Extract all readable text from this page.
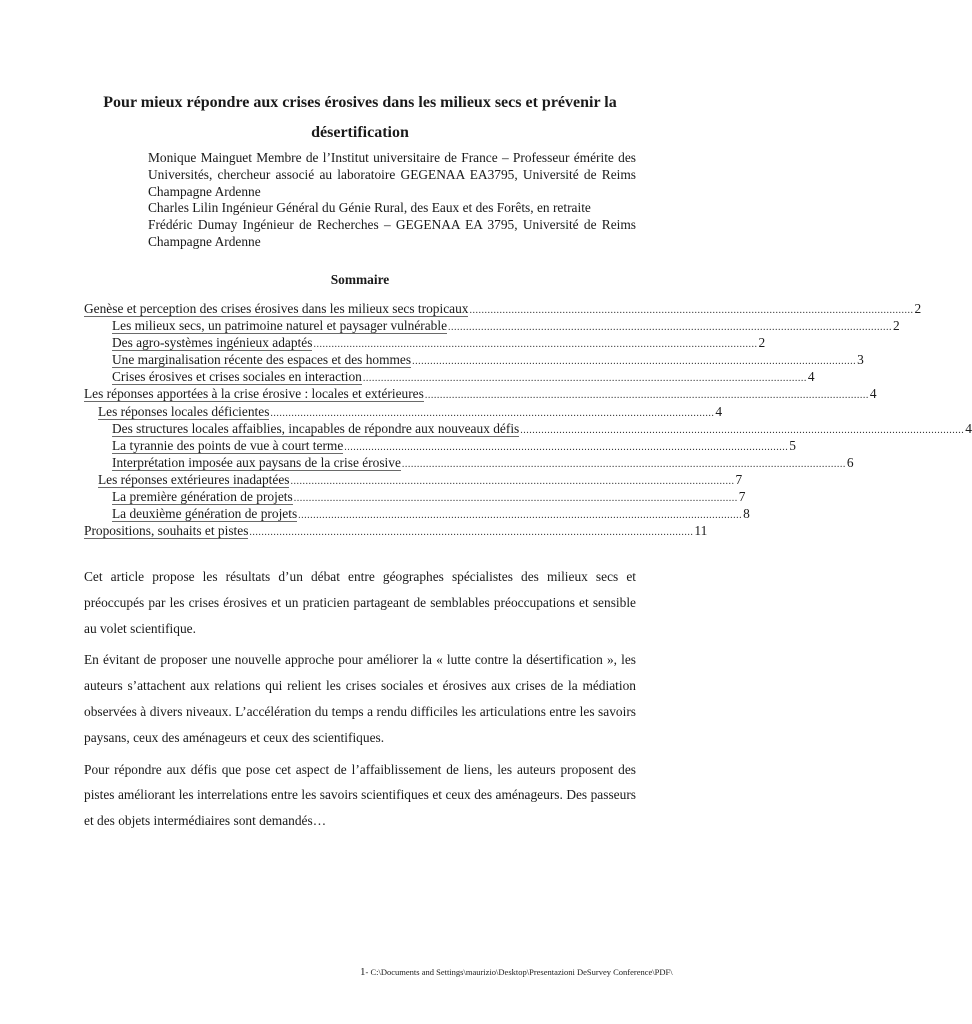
Pour mieux répondre aux crises érosives dans les milieux secs et prévenir la désertification

Monique Mainguet Membre de l’Institut universitaire de France – Professeur émérite des Universités, chercheur associé au laboratoire GEGENAA EA3795, Université de Reims Champagne Ardenne

Charles Lilin Ingénieur Général du Génie Rural, des Eaux et des Forêts, en retraite

Frédéric Dumay Ingénieur de Recherches – GEGENAA EA 3795, Université de Reims Champagne Ardenne

Sommaire
Genèse et perception des crises érosives dans les milieux secs tropicaux .................................................................................................................................................... 2
Les milieux secs, un patrimoine naturel et paysager vulnérable .................................................................................................................................................... 2
Des agro-systèmes ingénieux adaptés .................................................................................................................................................... 2
Une marginalisation récente des espaces et des hommes .................................................................................................................................................... 3
Crises érosives et crises sociales en interaction .................................................................................................................................................... 4
Les réponses apportées à la crise érosive : locales et extérieures .................................................................................................................................................... 4
Les réponses locales déficientes .................................................................................................................................................... 4
Des structures locales affaiblies, incapables de répondre aux nouveaux défis .................................................................................................................................................... 4
La tyrannie des points de vue à court terme .................................................................................................................................................... 5
Interprétation imposée aux paysans de la crise érosive .................................................................................................................................................... 6
Les réponses extérieures inadaptées .................................................................................................................................................... 7
La première génération de projets .................................................................................................................................................... 7
La deuxième génération de projets .................................................................................................................................................... 8
Propositions, souhaits et pistes .................................................................................................................................................... 11

Cet article propose les résultats d’un débat entre géographes spécialistes des milieux secs et préoccupés par les crises érosives et un praticien partageant de semblables préoccupations et sensible au volet scientifique.

En évitant de proposer une nouvelle approche pour améliorer la « lutte contre la désertification », les auteurs s’attachent aux relations qui relient les crises sociales et érosives aux crises de la médiation observées à divers niveaux. L’accélération du temps a rendu difficiles les articulations entre les savoirs paysans, ceux des aménageurs et ceux des scientifiques.

Pour répondre aux défis que pose cet aspect de l’affaiblissement de liens, les auteurs proposent des pistes améliorant les interrelations entre les savoirs scientifiques et ceux des aménageurs. Des passeurs et des objets intermédiaires sont demandés…

1- C:\Documents and Settings\maurizio\Desktop\Presentazioni DeSurvey Conference\PDF\
